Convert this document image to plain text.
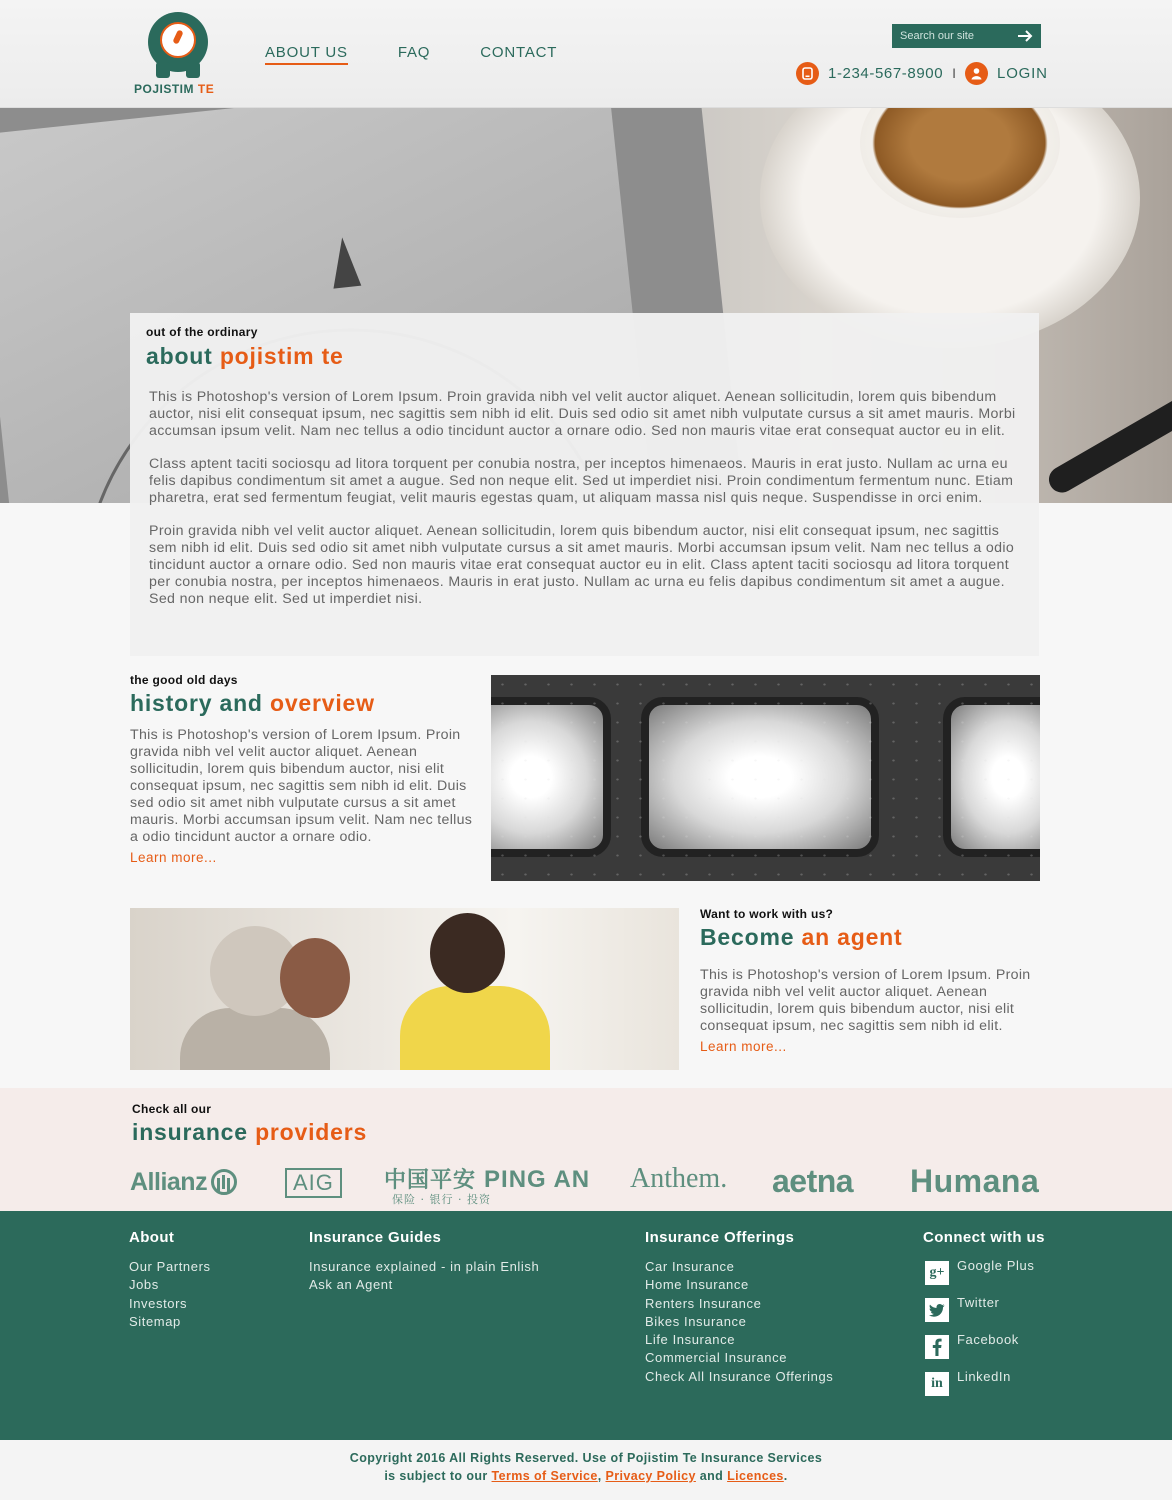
POJISTIM TE
ABOUT US	FAQ	CONTACT
Search our site
1-234-567-8900 I	LOGIN
out of the ordinary
about pojistim te

This is Photoshop's version of Lorem Ipsum. Proin gravida nibh vel velit auctor aliquet. Aenean sollicitudin, lorem quis bibendum auctor, nisi elit consequat ipsum, nec sagittis sem nibh id elit. Duis sed odio sit amet nibh vulputate cursus a sit amet mauris. Morbi accumsan ipsum velit. Nam nec tellus a odio tincidunt auctor a ornare odio. Sed non mauris vitae erat consequat auctor eu in elit.

Class aptent taciti sociosqu ad litora torquent per conubia nostra, per inceptos himenaeos. Mauris in erat justo. Nullam ac urna eu felis dapibus condimentum sit amet a augue. Sed non neque elit. Sed ut imperdiet nisi. Proin condimentum fermentum nunc. Etiam pharetra, erat sed fermentum feugiat, velit mauris egestas quam, ut aliquam massa nisl quis neque. Suspendisse in orci enim.

Proin gravida nibh vel velit auctor aliquet. Aenean sollicitudin, lorem quis bibendum auctor, nisi elit consequat ipsum, nec sagittis sem nibh id elit. Duis sed odio sit amet nibh vulputate cursus a sit amet mauris. Morbi accumsan ipsum velit. Nam nec tellus a odio tincidunt auctor a ornare odio. Sed non mauris vitae erat consequat auctor eu in elit. Class aptent taciti sociosqu ad litora torquent per conubia nostra, per inceptos himenaeos. Mauris in erat justo. Nullam ac urna eu felis dapibus condimentum sit amet a augue. Sed non neque elit. Sed ut imperdiet nisi.

the good old days
history and overview

This is Photoshop's version of Lorem Ipsum. Proin gravida nibh vel velit auctor aliquet. Aenean sollicitudin, lorem quis bibendum auctor, nisi elit consequat ipsum, nec sagittis sem nibh id elit. Duis sed odio sit amet nibh vulputate cursus a sit amet mauris. Morbi accumsan ipsum velit. Nam nec tellus a odio tincidunt auctor a ornare odio.

Learn more...
Want to work with us?
Become an agent

This is Photoshop's version of Lorem Ipsum. Proin gravida nibh vel velit auctor aliquet. Aenean sollicitudin, lorem quis bibendum auctor, nisi elit consequat ipsum, nec sagittis sem nibh id elit.

Learn more...
Check all our
insurance providers
Allianz	AIG	中国平安 PING AN
保险 · 银行 · 投资
Anthem. aetna Humana
About
Our Partners
Jobs
Investors
Sitemap
Insurance Guides
Insurance explained - in plain Enlish
Ask an Agent
Insurance Offerings
Car Insurance
Home Insurance
Renters Insurance
Bikes Insurance
Life Insurance
Commercial Insurance
Check All Insurance Offerings
Connect with us
g+ Google Plus
Twitter
Facebook
in	LinkedIn
Copyright 2016 All Rights Reserved. Use of Pojistim Te Insurance Services
is subject to our Terms of Service, Privacy Policy and Licences.
